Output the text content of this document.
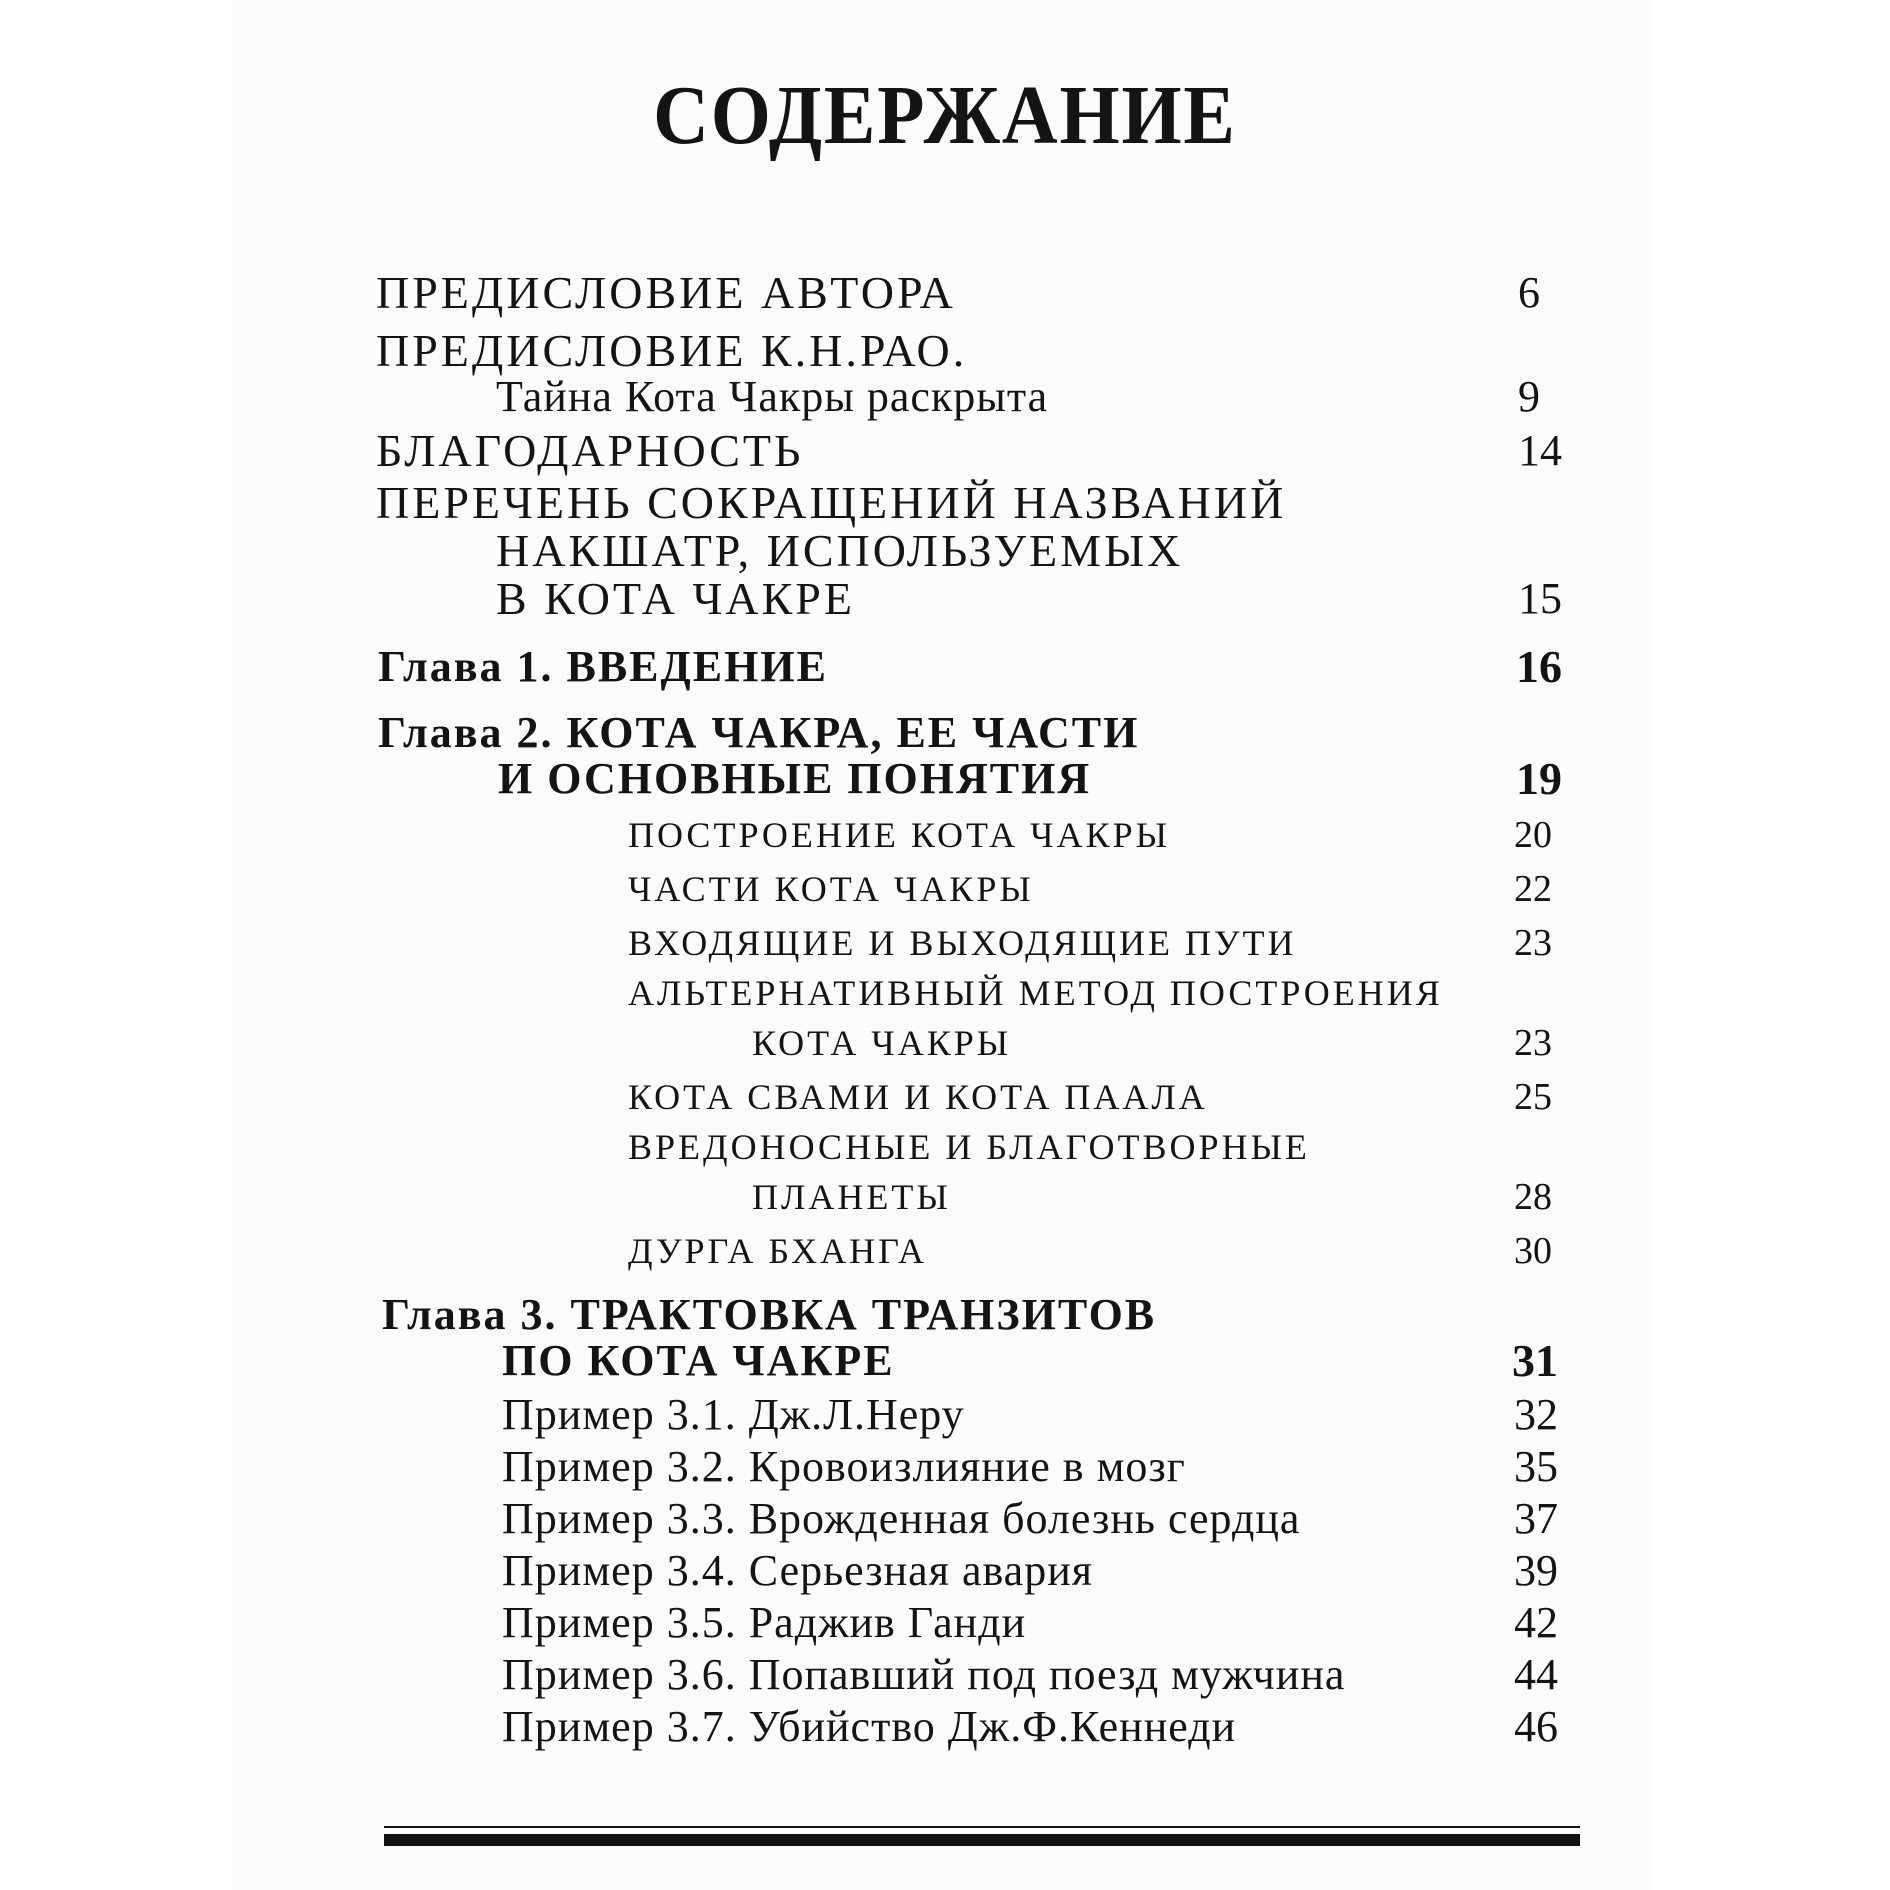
СОДЕРЖАНИЕ
ПРЕДИСЛОВИЕ АВТОРА	6
ПРЕДИСЛОВИЕ К.Н.РАО.
Тайна Кота Чакры раскрыта	9
БЛАГОДАРНОСТЬ	14
ПЕРЕЧЕНЬ СОКРАЩЕНИЙ НАЗВАНИЙ
НАКШАТР, ИСПОЛЬЗУЕМЫХ
В КОТА ЧАКРЕ	15
Глава 1. ВВЕДЕНИЕ	16
Глава 2. КОТА ЧАКРА, ЕЕ ЧАСТИ
И ОСНОВНЫЕ ПОНЯТИЯ	19
ПОСТРОЕНИЕ КОТА ЧАКРЫ	20
ЧАСТИ КОТА ЧАКРЫ	22
ВХОДЯЩИЕ И ВЫХОДЯЩИЕ ПУТИ	23
АЛЬТЕРНАТИВНЫЙ МЕТОД ПОСТРОЕНИЯ
КОТА ЧАКРЫ	23
КОТА СВАМИ И КОТА ПААЛА	25
ВРЕДОНОСНЫЕ И БЛАГОТВОРНЫЕ
ПЛАНЕТЫ	28
ДУРГА БХАНГА	30
Глава 3. ТРАКТОВКА ТРАНЗИТОВ
ПО КОТА ЧАКРЕ	31
Пример 3.1. Дж.Л.Неру	32
Пример 3.2. Кровоизлияние в мозг	35
Пример 3.3. Врожденная болезнь сердца	37
Пример 3.4. Серьезная авария	39
Пример 3.5. Раджив Ганди	42
Пример 3.6. Попавший под поезд мужчина	44
Пример 3.7. Убийство Дж.Ф.Кеннеди	46
